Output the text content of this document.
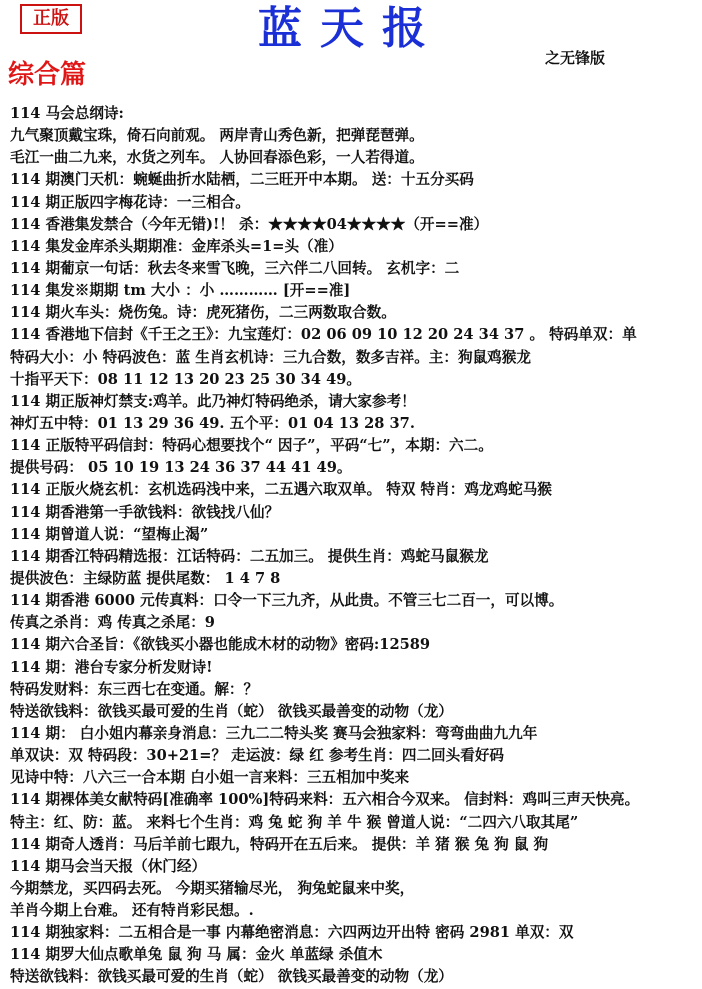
正版	蓝天报
之无锋版
综合篇
114 马会总纲诗:
九气聚顶戴宝珠，倚石向前观。 两岸青山秀色新，把弹琵琶弹。
毛江一曲二九来，水货之列车。 人协回春添色彩，一人若得道。
114 期澳门天机：蜿蜒曲折水陆栖，二三旺开中本期。 送：十五分买码
114 期正版四字梅花诗：一三相合。
114 香港集发禁合（今年无错)!！ 杀：★★★★04★★★★（开==准）
114 集发金库杀头期期准：金库杀头=1=头（准）
114 期葡京一句话：秋去冬来雪飞晚，三六伴二八回转。 玄机字：二
114 集发※期期 tm 大小 ：小 ………… [开==准]
114 期火车头：烧伤兔。诗：虎死猪伤，二三两数取合数。
114 香港地下信封《千王之王》：九宝莲灯：02 06 09 10 12 20 24 34 37 。 特码单双：单
特码大小：小 特码波色：蓝 生肖玄机诗：三九合数，数多吉祥。主：狗鼠鸡猴龙
十指平天下：08 11 12 13 20 23 25 30 34 49。
114 期正版神灯禁支:鸡羊。此乃神灯特码绝杀，请大家参考！
神灯五中特：01 13 29 36 49. 五个平：01 04 13 28 37.
114 正版特平码信封：特码心想要找个“ 因子”，平码“七”，本期：六二。
提供号码： 05 10 19 13 24 36 37 44 41 49。
114 正版火烧玄机：玄机选码浅中来，二五遇六取双单。 特双 特肖：鸡龙鸡蛇马猴
114 期香港第一手欲钱料：欲钱找八仙？
114 期曾道人说：“望梅止渴”
114 期香江特码精选报：江话特码：二五加三。 提供生肖：鸡蛇马鼠猴龙
提供波色：主绿防蓝 提供尾数： 1 4 7 8
114 期香港 6000 元传真料：口令一下三九齐，从此贵。不管三七二百一，可以博。
传真之杀肖：鸡 传真之杀尾：9
114 期六合圣旨：《欲钱买小器也能成木材的动物》密码:12589
114 期：港台专家分析发财诗!
特码发财料：东三西七在变通。解：？
特送欲钱料：欲钱买最可爱的生肖（蛇） 欲钱买最善变的动物（龙）
114 期： 白小姐内幕亲身消息：三九二二特头奖 赛马会独家料：弯弯曲曲九九年
单双诀：双 特码段：30+21=？ 走运波：绿 红 参考生肖：四二回头看好码
见诗中特：八六三一合本期 白小姐一言来料：三五相加中奖来
114 期裸体美女献特码[准确率 100%]特码来料：五六相合今双来。 信封料：鸡叫三声天快亮。
特主：红、防：蓝。 来料七个生肖：鸡 兔 蛇 狗 羊 牛 猴 曾道人说：“二四六八取其尾”
114 期奇人透肖：马后羊前七跟九，特码开在五后来。 提供：羊 猪 猴 兔 狗 鼠 狗
114 期马会当天报（休门经）
今期禁龙，买四码去死。 今期买猪输尽光， 狗兔蛇鼠来中奖，
羊肖今期上台难。 还有特肖彩民想。.
114 期独家料：二五相合是一事 内幕绝密消息：六四两边开出特 密码 2981 单双：双
114 期罗大仙点歌单兔 鼠 狗 马 属：金火 单蓝绿 杀值木
特送欲钱料：欲钱买最可爱的生肖（蛇） 欲钱买最善变的动物（龙）
